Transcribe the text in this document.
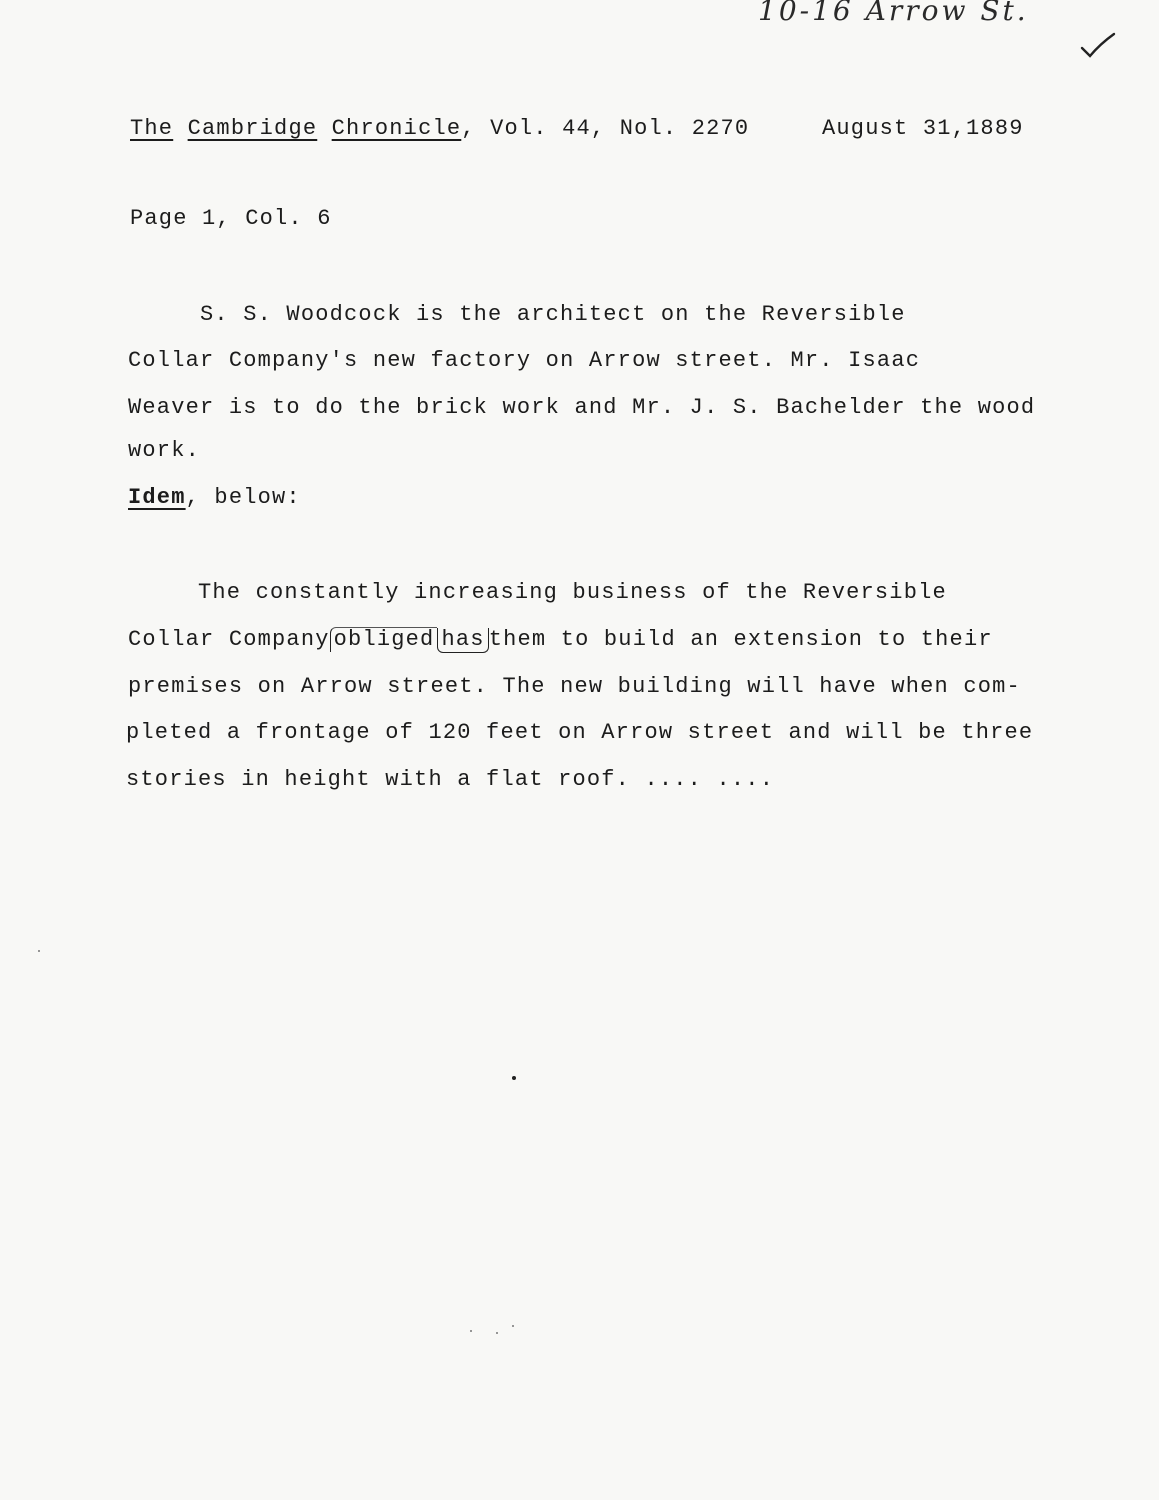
10-16 Arrow St.
The Cambridge Chronicle, Vol. 44, Nol. 2270	August 31,1889
Page 1, Col. 6
S. S. Woodcock is the architect on the Reversible
Collar Company's new factory on Arrow street. Mr. Isaac
Weaver is to do the brick work and Mr. J. S. Bachelder the wood
work.
Idem, below:
The constantly increasing business of the Reversible
Collar Company obliged has them to build an extension to their
premises on Arrow street. The new building will have when com-
pleted a frontage of 120 feet on Arrow street and will be three
stories in height with a flat roof. .... ....
